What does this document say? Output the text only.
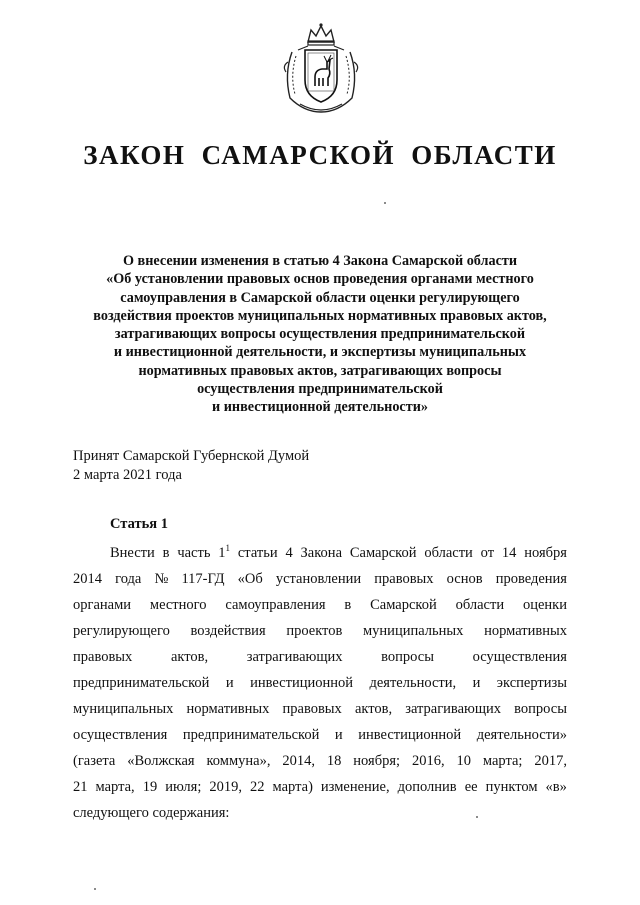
ЗАКОН САМАРСКОЙ ОБЛАСТИ
О внесении изменения в статью 4 Закона Самарской области
«Об установлении правовых основ проведения органами местного
самоуправления в Самарской области оценки регулирующего
воздействия проектов муниципальных нормативных правовых актов,
затрагивающих вопросы осуществления предпринимательской
и инвестиционной деятельности, и экспертизы муниципальных
нормативных правовых актов, затрагивающих вопросы
осуществления предпринимательской
и инвестиционной деятельности»
Принят Самарской Губернской Думой
2 марта 2021 года
Статья 1
Внести в часть $1^1$ статьи 4 Закона Самарской области от 14 ноября
2014 года № 117-ГД «Об установлении правовых основ проведения
органами местного самоуправления в Самарской области оценки
регулирующего воздействия проектов муниципальных нормативных
правовых	актов,	затрагивающих	вопросы	осуществления
предпринимательской и инвестиционной деятельности, и экспертизы
муниципальных нормативных правовых актов, затрагивающих вопросы
осуществления предпринимательской и инвестиционной деятельности»
(газета «Волжская коммуна», 2014, 18 ноября; 2016, 10 марта; 2017,
21 марта, 19 июля; 2019, 22 марта) изменение, дополнив ее пунктом «в»
следующего содержания:
